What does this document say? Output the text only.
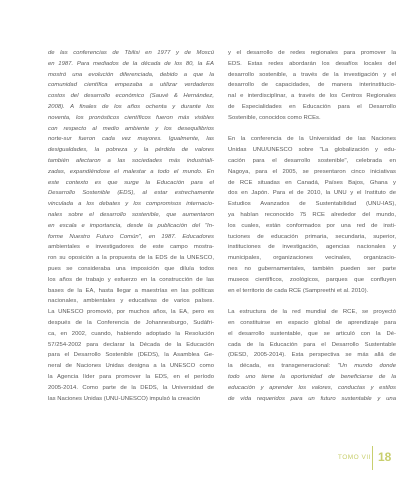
de las conferencias de Tbilisi en 1977 y de Moscú
en 1987. Para mediados de la década de los 80, la EA
mostró una evolución diferenciada, debido a que la
comunidad científica empezaba a utilizar verdaderos
costos del desarrollo económico (Sauvé & Hernández,
2008). A finales de los años ochenta y durante los
noventa, los pronósticos científicos fueron más visibles
con respecto al medio ambiente y los desequilibrios
norte-sur fueron cada vez mayores. Igualmente, las
desigualdades, la pobreza y la pérdida de valores
también afectaron a las sociedades más industriali-
zadas, expandiéndose el malestar a todo el mundo. En
este contexto es que surge la Educación para el
Desarrollo Sostenible (EDS), al estar estrechamente
vinculada a los debates y los compromisos internacio-
nales sobre el desarrollo sostenible, que aumentaron
en escala e importancia, desde la publicación del "In-
forme Nuestro Futuro Común", en 1987. Educadores
ambientales e investigadores de este campo mostra-
ron su oposición a la propuesta de la EDS de la UNESCO,
pues se consideraba una imposición que diluía todos
los años de trabajo y esfuerzo en la construcción de las
bases de la EA, hasta llegar a maestrías en las políticas
nacionales, ambientales y educativas de varios países.
La UNESCO promovió, por muchos años, la EA, pero es
después de la Conferencia de Johannesburgo, Sudáfri-
ca, en 2002, cuando, habiendo adoptado la Resolución
57/254-2002 para declarar la Década de la Educación
para el Desarrollo Sostenible (DEDS), la Asamblea Ge-
neral de Naciones Unidas designa a la UNESCO como
la Agencia líder para promover la EDS, en el período
2005-2014. Como parte de la DEDS, la Universidad de
las Naciones Unidas (UNU-UNESCO) impulsó la creación
y el desarrollo de redes regionales para promover la
EDS. Estas redes abordarán los desafíos locales del
desarrollo sostenible, a través de la investigación y el
desarrollo de capacidades, de manera interinstitucio-
nal e interdisciplinar, a través de los Centros Regionales
de Especialidades en Educación para el Desarrollo
Sostenible, conocidos como RCEs.
En la conferencia de la Universidad de las Naciones
Unidas UNU/UNESCO sobre "La globalización y edu-
cación para el desarrollo sostenible", celebrada en
Nagoya, para el 2005, se presentaron cinco iniciativas
de RCE situadas en Canadá, Países Bajos, Ghana y
dos en Japón. Para el de 2010, la UNU y el Instituto de
Estudios Avanzados de Sustentabilidad (UNU-IAS),
ya habían reconocido 75 RCE alrededor del mundo,
los cuales, están conformados por una red de insti-
tuciones de educación primaria, secundaria, superior,
instituciones de investigación, agencias nacionales y
municipales, organizaciones vecinales, organizacio-
nes no gubernamentales, también pueden ser parte
museos científicos, zoológicos, parques que confluyen
en el territorio de cada RCE (Sampreethi et al. 2010).
La estructura de la red mundial de RCE, se proyectó
en constituirse en espacio global de aprendizaje para
el desarrollo sustentable, que se articuló con la Dé-
cada de la Educación para el Desarrollo Sustentable
(DESD, 2005-2014). Esta perspectiva se más allá de
la década, es transgeneracional: "Un mundo donde
todo uno tiene la oportunidad de beneficiarse de la
educación y aprender los valores, conductas y estilos
de vida requeridos para un futuro sustentable y una
TOMO VII 18
